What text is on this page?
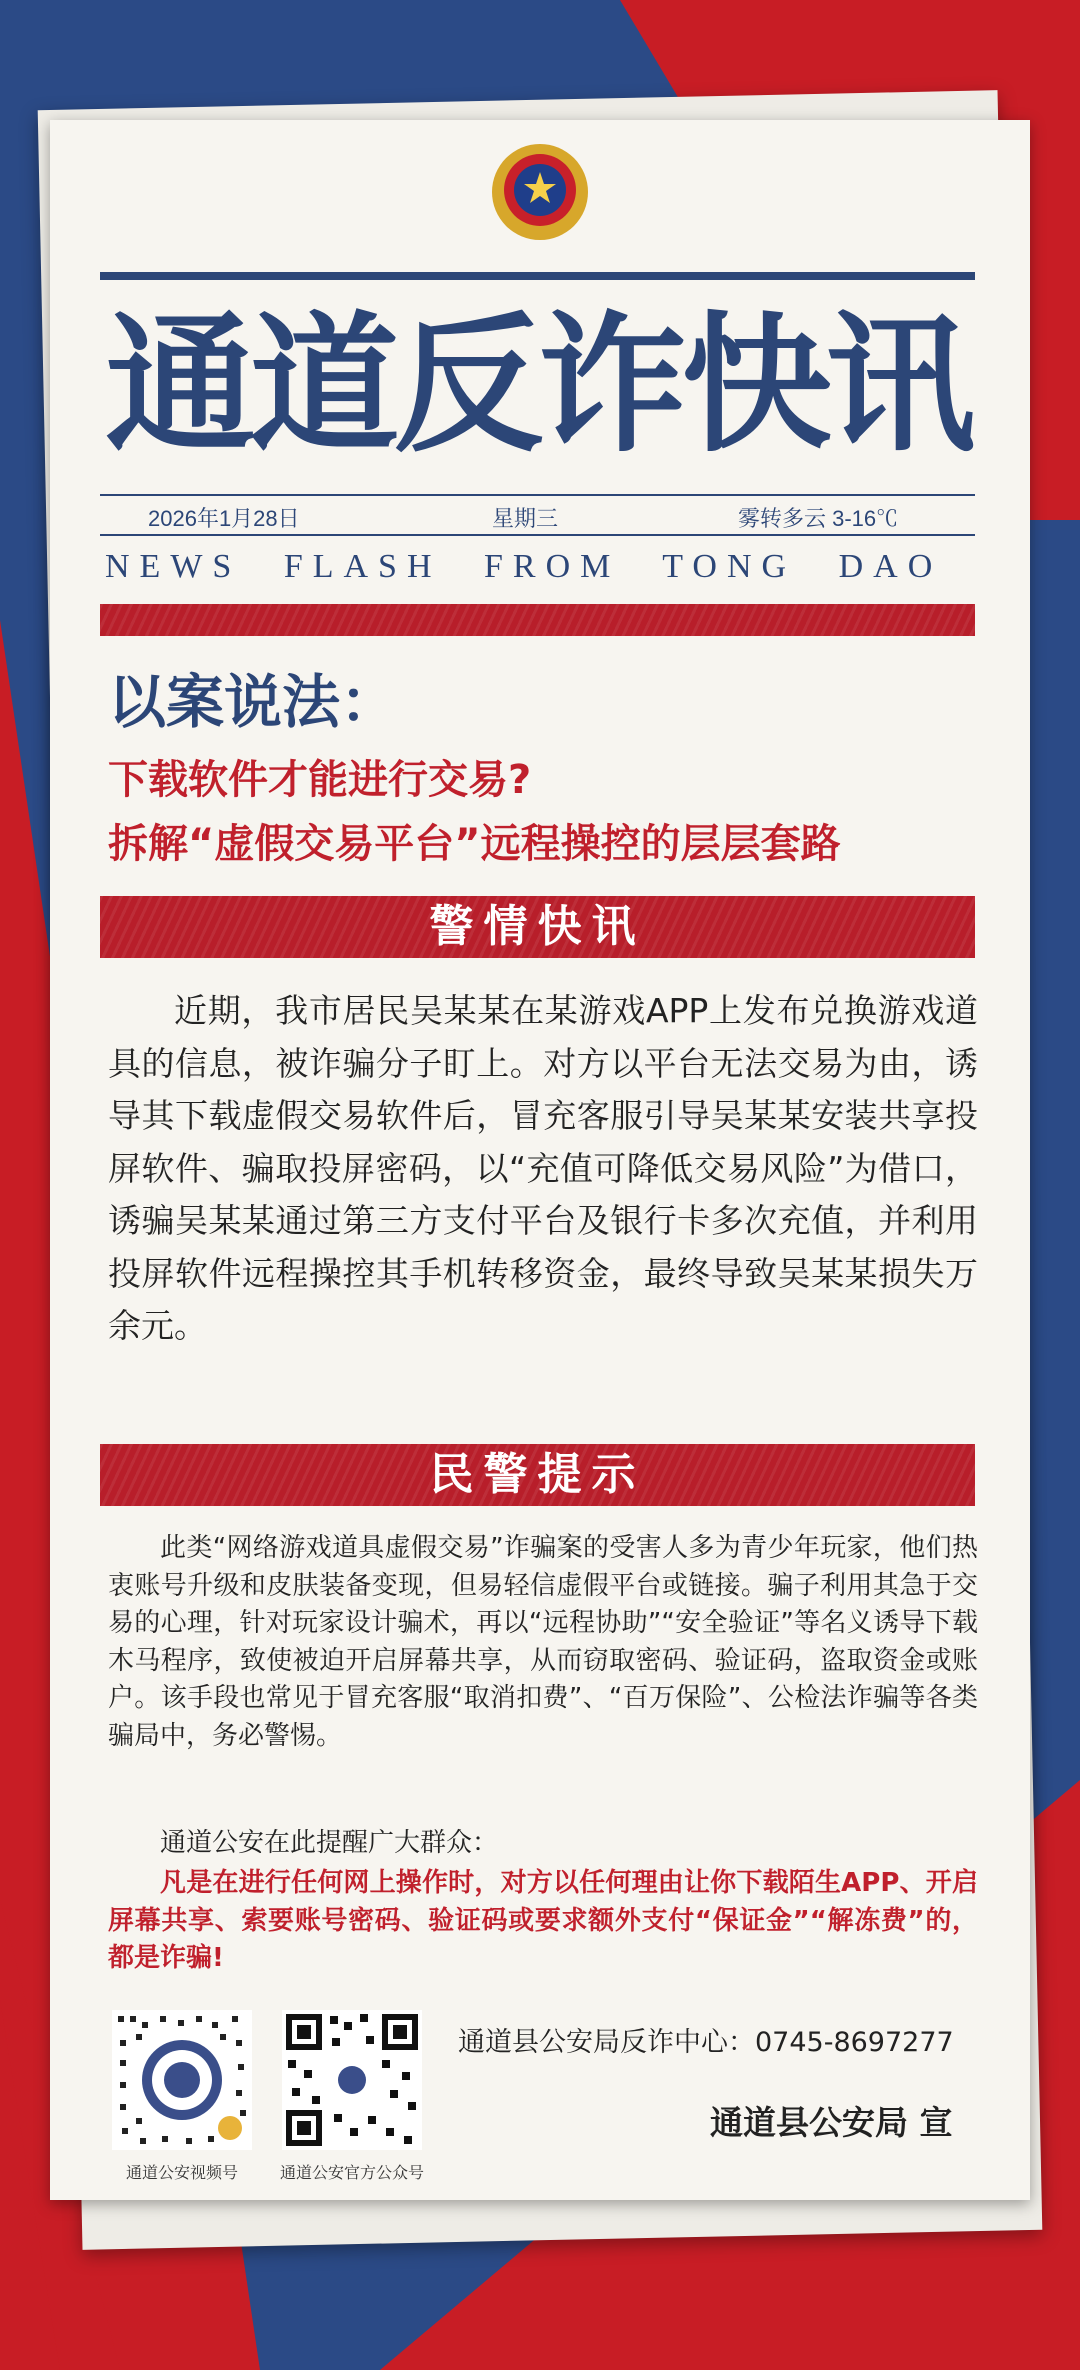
通道反诈快讯
2026年1月28日	星期三	雾转多云 3-16℃
NEWS FLASH FROM TONG DAO
以案说法：
下载软件才能进行交易?
拆解“虚假交易平台”远程操控的层层套路
警情快讯
近期，我市居民吴某某在某游戏APP上发布兑换游戏道具的信息，被诈骗分子盯上。对方以平台无法交易为由，诱导其下载虚假交易软件后，冒充客服引导吴某某安装共享投屏软件、骗取投屏密码，以“充值可降低交易风险”为借口，诱骗吴某某通过第三方支付平台及银行卡多次充值，并利用投屏软件远程操控其手机转移资金，最终导致吴某某损失万余元。
民警提示
此类“网络游戏道具虚假交易”诈骗案的受害人多为青少年玩家，他们热衷账号升级和皮肤装备变现，但易轻信虚假平台或链接。骗子利用其急于交易的心理，针对玩家设计骗术，再以“远程协助”“安全验证”等名义诱导下载木马程序，致使被迫开启屏幕共享，从而窃取密码、验证码，盗取资金或账户。该手段也常见于冒充客服“取消扣费”、“百万保险”、公检法诈骗等各类骗局中，务必警惕。
通道公安在此提醒广大群众：
凡是在进行任何网上操作时，对方以任何理由让你下载陌生APP、开启屏幕共享、索要账号密码、验证码或要求额外支付“保证金”“解冻费”的，都是诈骗!
通道公安视频号	通道公安官方公众号
通道县公安局反诈中心：0745-8697277
通道县公安局 宣
